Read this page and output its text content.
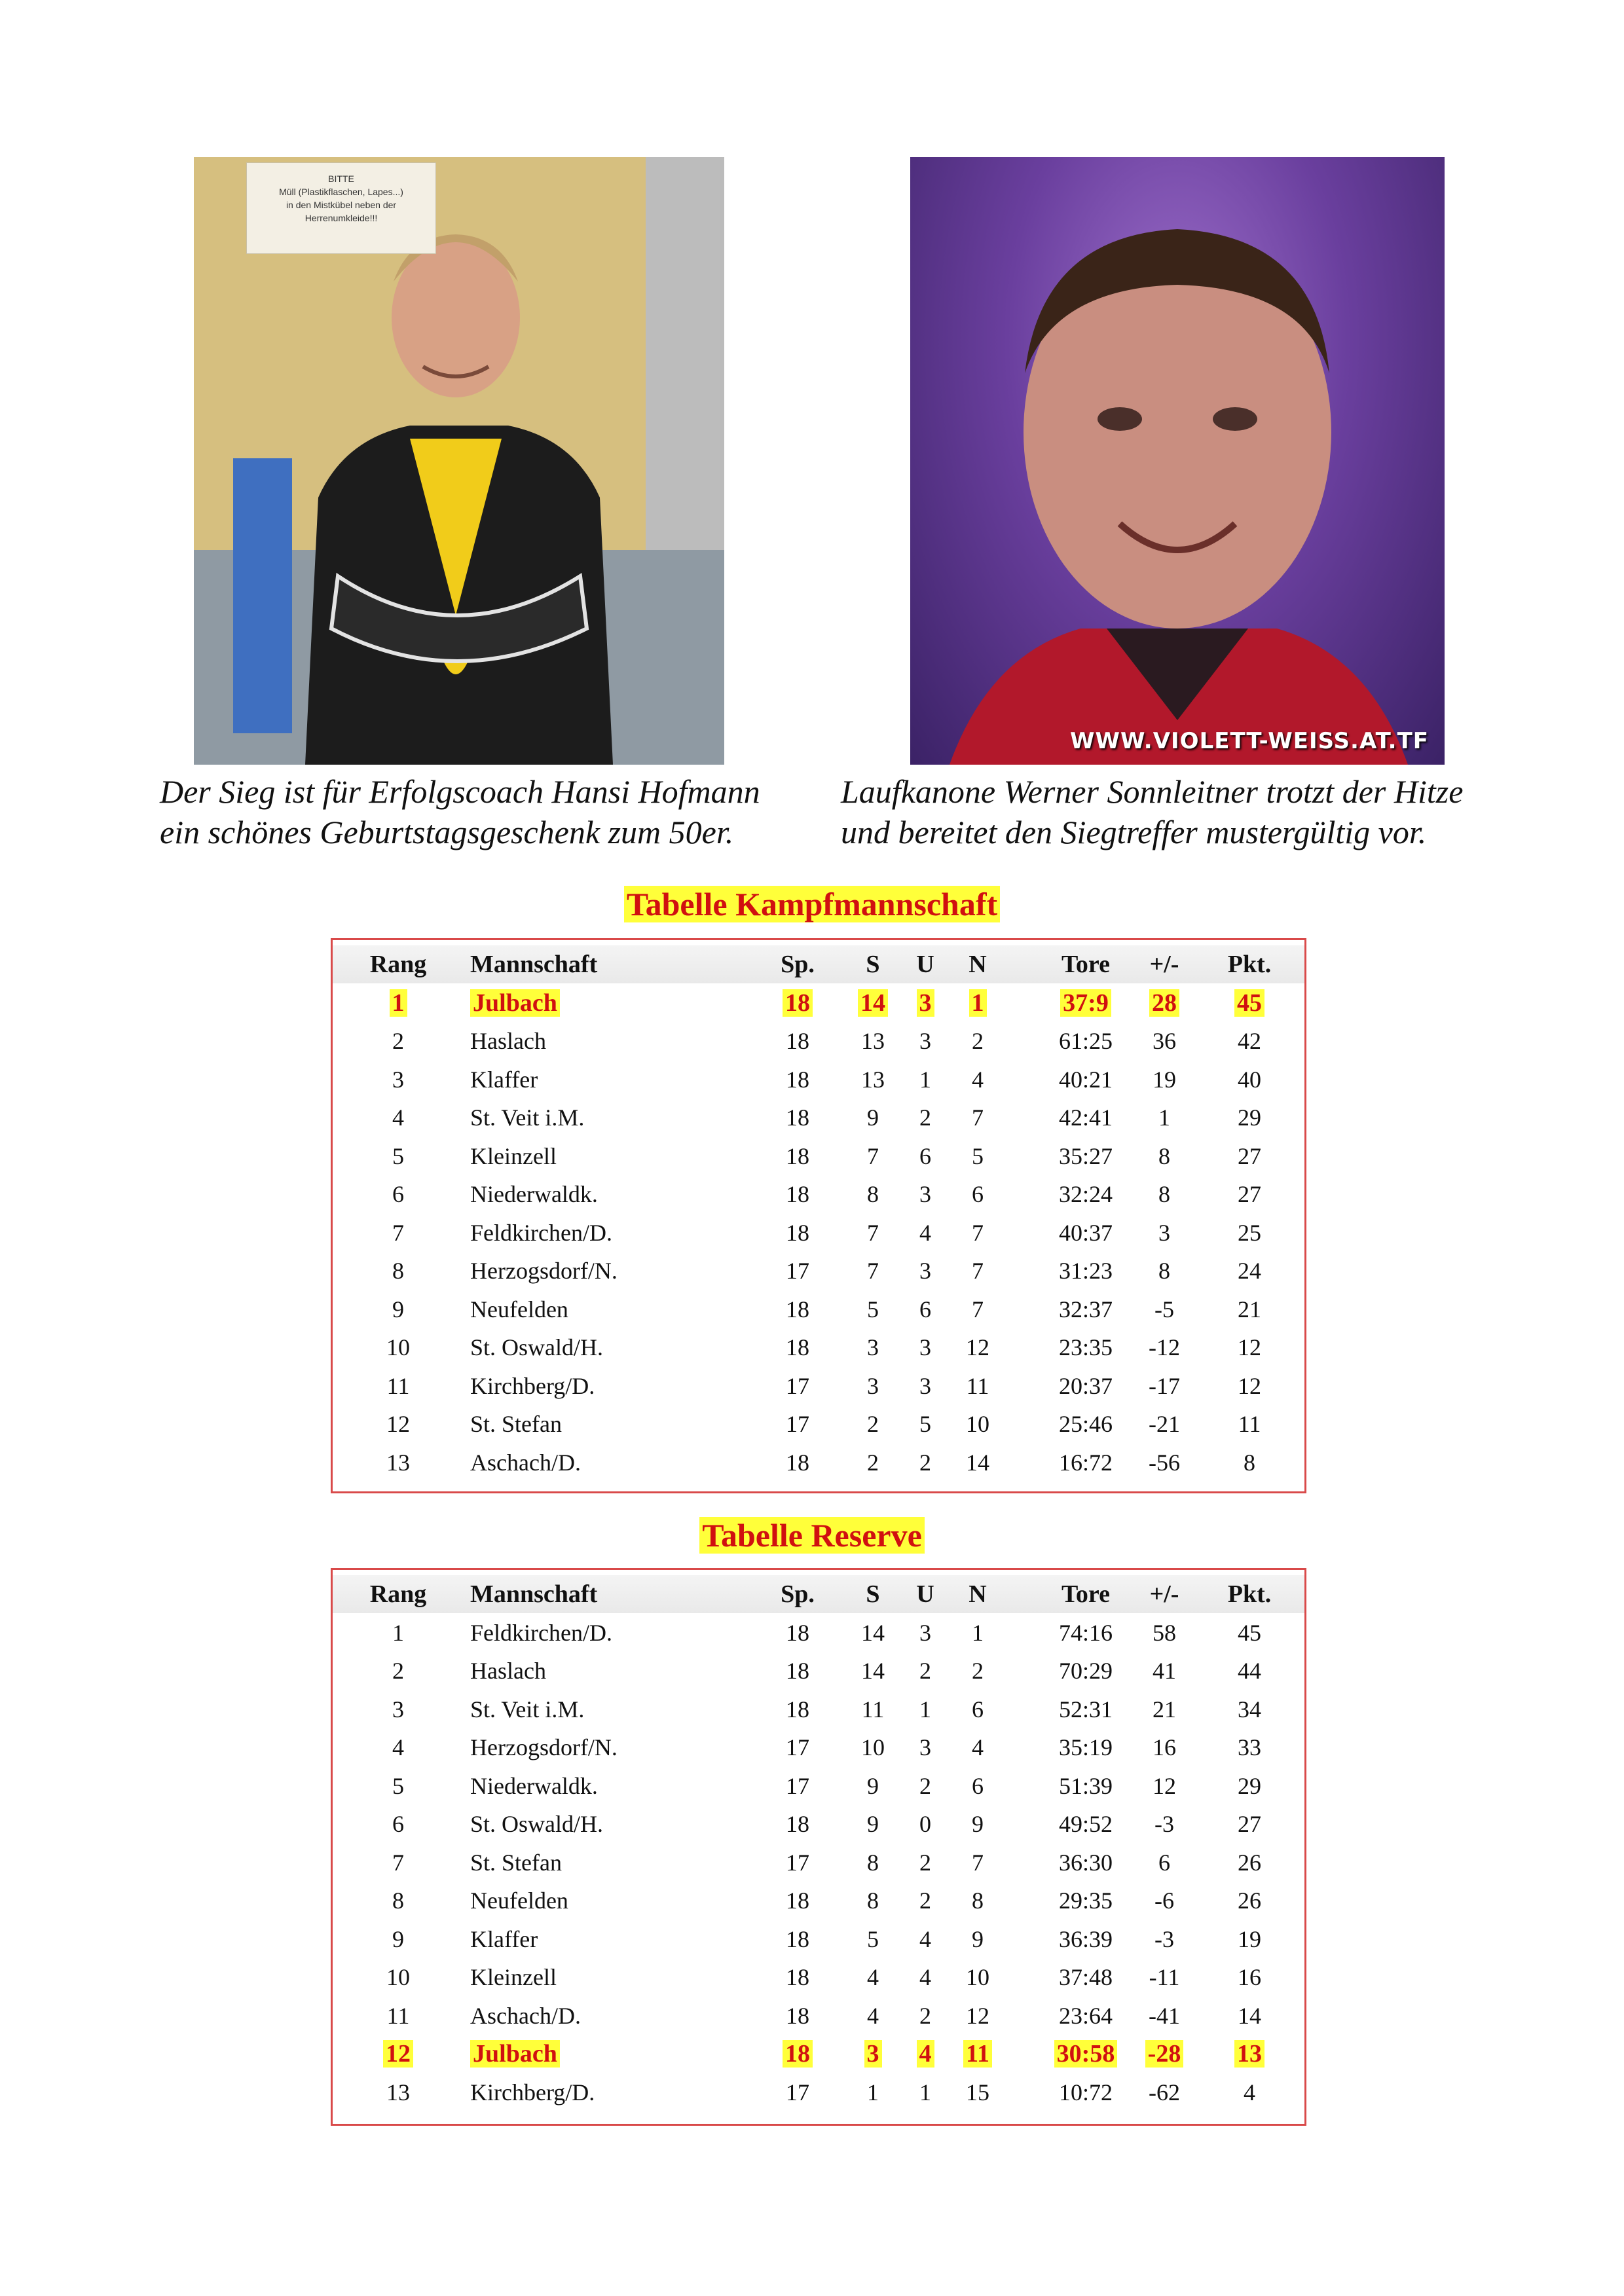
BITTE
Müll (Plastikflaschen, Lapes...)
in den Mistkübel neben der
Herrenumkleide!!!
WWW.VIOLETT-WEISS.AT.TF
Der Sieg ist für Erfolgscoach Hansi Hofmann
ein schönes Geburtstagsgeschenk zum 50er.
Laufkanone Werner Sonnleitner trotzt der Hitze
und bereitet den Siegtreffer mustergültig vor.
Tabelle Kampfmannschaft
Rang	Mannschaft	Sp.	S	U	N	Tore	+/-	Pkt.
1	Julbach	18	14	3	1	37:9	28	45
2	Haslach	18	13	3	2	61:25	36	42
3	Klaffer	18	13	1	4	40:21	19	40
4	St. Veit i.M.	18	9	2	7	42:41	1	29
5	Kleinzell	18	7	6	5	35:27	8	27
6	Niederwaldk.	18	8	3	6	32:24	8	27
7	Feldkirchen/D.	18	7	4	7	40:37	3	25
8	Herzogsdorf/N.	17	7	3	7	31:23	8	24
9	Neufelden	18	5	6	7	32:37	-5	21
10	St. Oswald/H.	18	3	3	12	23:35	-12	12
11	Kirchberg/D.	17	3	3	11	20:37	-17	12
12	St. Stefan	17	2	5	10	25:46	-21	11
13	Aschach/D.	18	2	2	14	16:72	-56	8
Tabelle Reserve
Rang	Mannschaft	Sp.	S	U	N	Tore	+/-	Pkt.
1	Feldkirchen/D.	18	14	3	1	74:16	58	45
2	Haslach	18	14	2	2	70:29	41	44
3	St. Veit i.M.	18	11	1	6	52:31	21	34
4	Herzogsdorf/N.	17	10	3	4	35:19	16	33
5	Niederwaldk.	17	9	2	6	51:39	12	29
6	St. Oswald/H.	18	9	0	9	49:52	-3	27
7	St. Stefan	17	8	2	7	36:30	6	26
8	Neufelden	18	8	2	8	29:35	-6	26
9	Klaffer	18	5	4	9	36:39	-3	19
10	Kleinzell	18	4	4	10	37:48	-11	16
11	Aschach/D.	18	4	2	12	23:64	-41	14
12	Julbach	18	3	4	11	30:58	-28	13
13	Kirchberg/D.	17	1	1	15	10:72	-62	4
